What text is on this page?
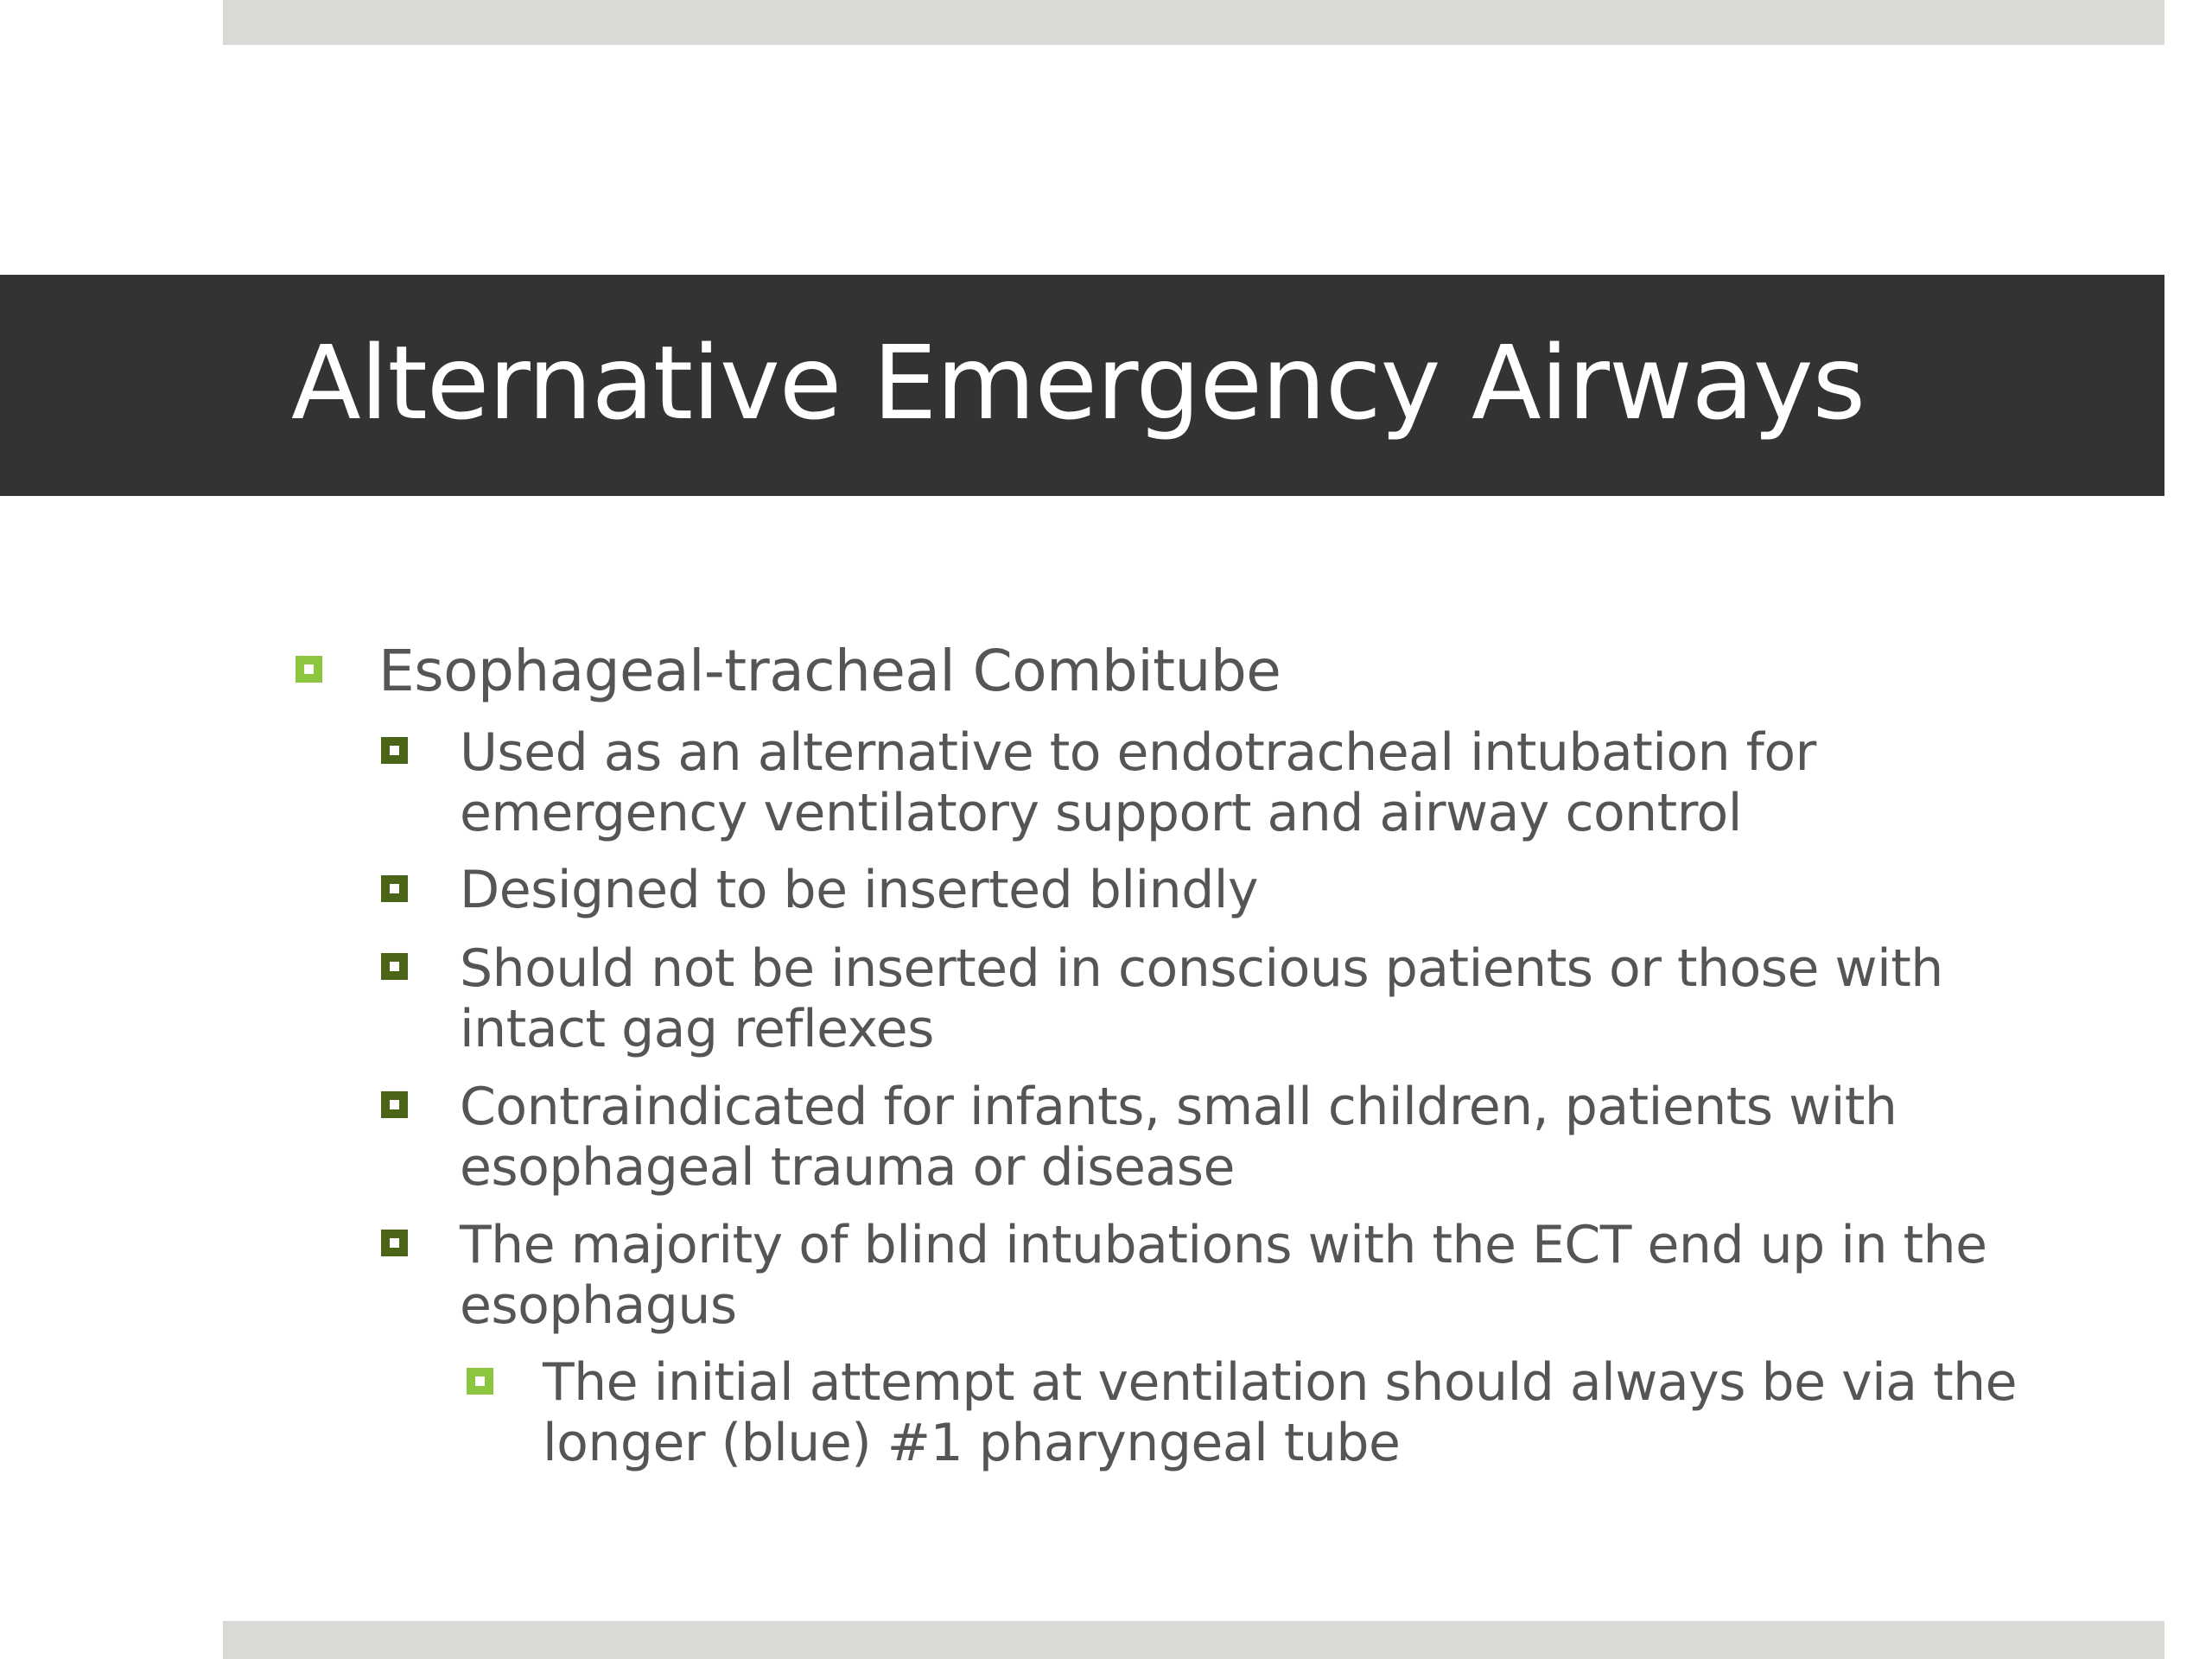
Alternative Emergency Airways
Esophageal-tracheal Combitube
Used as an alternative to endotracheal intubation for emergency ventilatory support and airway control
Designed to be inserted blindly
Should not be inserted in conscious patients or those with intact gag reflexes
Contraindicated for infants, small children, patients with esophageal trauma or disease
The majority of blind intubations with the ECT end up in the esophagus
The initial attempt at ventilation should always be via the longer (blue) #1 pharyngeal tube
